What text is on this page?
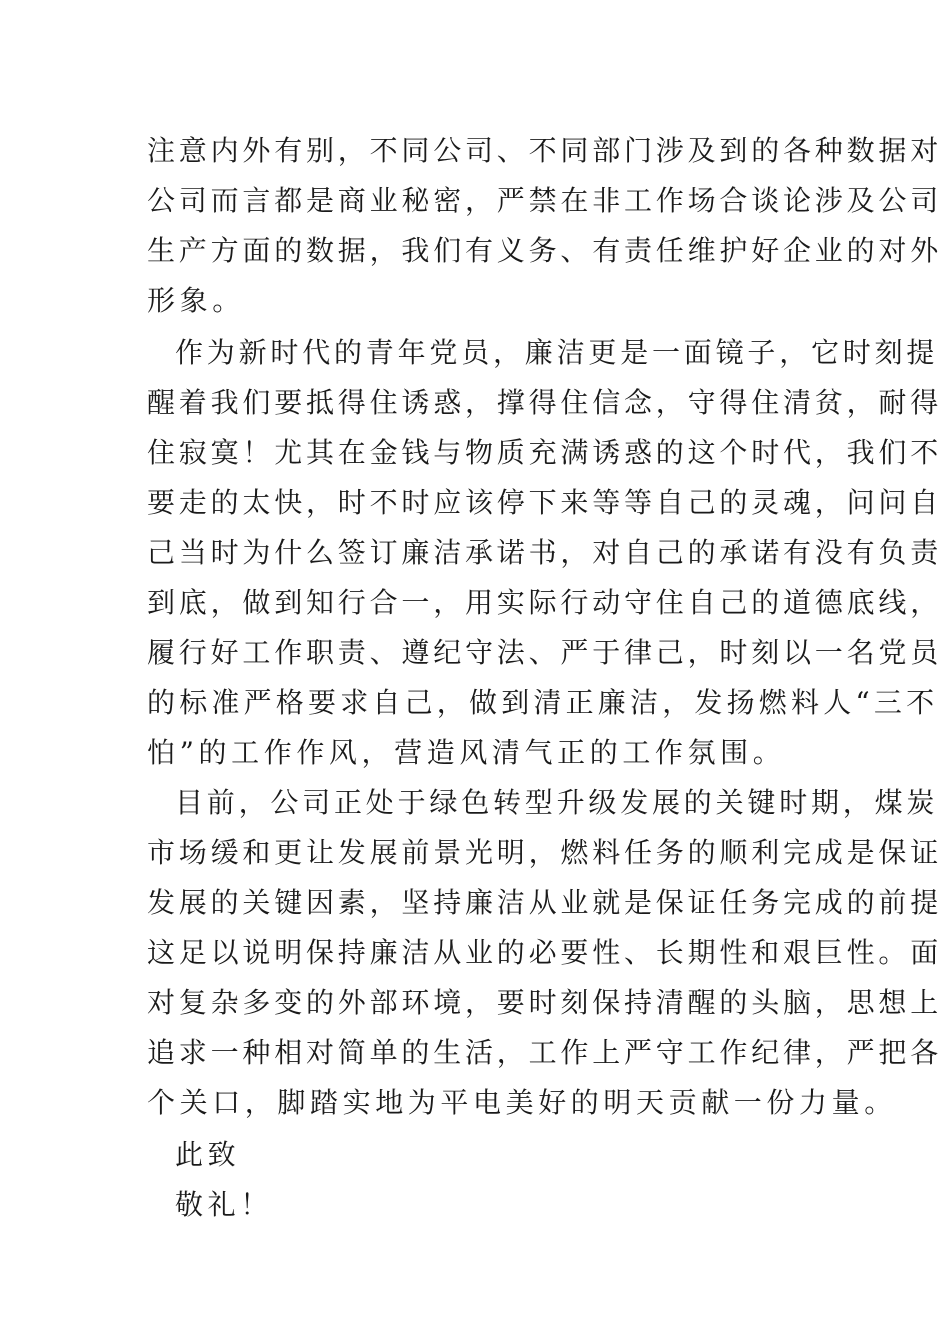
注意内外有别，不同公司、不同部门涉及到的各种数据对

公司而言都是商业秘密，严禁在非工作场合谈论涉及公司

生产方面的数据，我们有义务、有责任维护好企业的对外

形象。

作为新时代的青年党员，廉洁更是一面镜子，它时刻提

醒着我们要抵得住诱惑，撑得住信念，守得住清贫，耐得

住寂寞！尤其在金钱与物质充满诱惑的这个时代，我们不

要走的太快，时不时应该停下来等等自己的灵魂，问问自

己当时为什么签订廉洁承诺书，对自己的承诺有没有负责

到底，做到知行合一，用实际行动守住自己的道德底线，

履行好工作职责、遵纪守法、严于律己，时刻以一名党员

的标准严格要求自己，做到清正廉洁，发扬燃料人“三不

怕”的工作作风，营造风清气正的工作氛围。

目前，公司正处于绿色转型升级发展的关键时期，煤炭

市场缓和更让发展前景光明，燃料任务的顺利完成是保证

发展的关键因素，坚持廉洁从业就是保证任务完成的前提

这足以说明保持廉洁从业的必要性、长期性和艰巨性。面

对复杂多变的外部环境，要时刻保持清醒的头脑，思想上

追求一种相对简单的生活，工作上严守工作纪律，严把各

个关口，脚踏实地为平电美好的明天贡献一份力量。

此致

敬礼！
